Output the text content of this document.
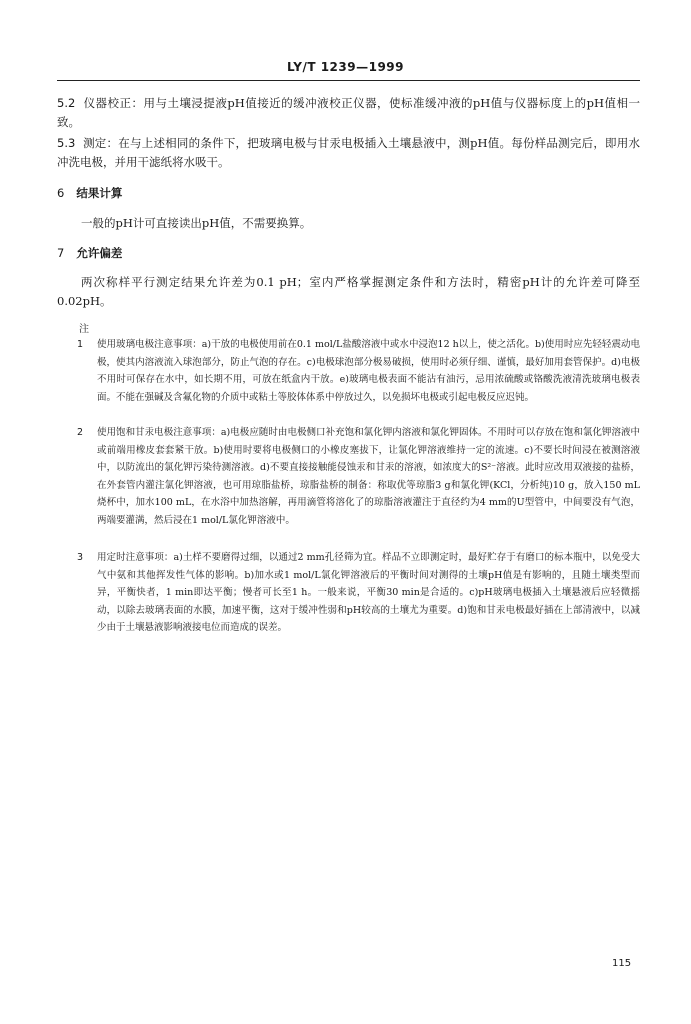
LY/T 1239—1999
5.2 仪器校正：用与土壤浸提液pH值接近的缓冲液校正仪器，使标准缓冲液的pH值与仪器标度上的pH值相一致。
5.3 测定：在与上述相同的条件下，把玻璃电极与甘汞电极插入土壤悬液中，测pH值。每份样品测完后，即用水冲洗电极，并用干滤纸将水吸干。
6 结果计算
一般的pH计可直接读出pH值，不需要换算。
7 允许偏差
两次称样平行测定结果允许差为0.1 pH；室内严格掌握测定条件和方法时，精密pH计的允许差可降至0.02pH。
注
1	使用玻璃电极注意事项：a)干放的电极使用前在0.1 mol/L盐酸溶液中或水中浸泡12 h以上，使之活化。b)使用时应先轻轻震动电极，使其内溶液流入球泡部分，防止气泡的存在。c)电极球泡部分极易破损，使用时必须仔细、谨慎，最好加用套管保护。d)电极不用时可保存在水中，如长期不用，可放在纸盒内干放。e)玻璃电极表面不能沾有油污，忌用浓硫酸或铬酸洗液清洗玻璃电极表面。不能在强碱及含氟化物的介质中或粘土等胶体体系中停放过久，以免损坏电极或引起电极反应迟钝。
2	使用饱和甘汞电极注意事项：a)电极应随时由电极侧口补充饱和氯化钾内溶液和氯化钾固体。不用时可以存放在饱和氯化钾溶液中或前端用橡皮套套紧干放。b)使用时要将电极侧口的小橡皮塞拔下，让氯化钾溶液维持一定的流速。c)不要长时间浸在被测溶液中，以防流出的氯化钾污染待测溶液。d)不要直接接触能侵蚀汞和甘汞的溶液，如浓度大的S²⁻溶液。此时应改用双液接的盐桥，在外套管内灌注氯化钾溶液，也可用琼脂盐桥，琼脂盐桥的制备：称取优等琼脂3 g和氯化钾(KCl，分析纯)10 g，放入150 mL烧杯中，加水100 mL，在水浴中加热溶解，再用滴管将溶化了的琼脂溶液灌注于直径约为4 mm的U型管中，中间要没有气泡，两端要灌满，然后浸在1 mol/L氯化钾溶液中。
3	用定时注意事项：a)土样不要磨得过细，以通过2 mm孔径筛为宜。样品不立即测定时，最好贮存于有磨口的标本瓶中，以免受大气中氨和其他挥发性气体的影响。b)加水或1 mol/L氯化钾溶液后的平衡时间对测得的土壤pH值是有影响的，且随土壤类型而异，平衡快者，1 min即达平衡；慢者可长至1 h。一般来说，平衡30 min是合适的。c)pH玻璃电极插入土壤悬液后应轻微摇动，以除去玻璃表面的水膜，加速平衡，这对于缓冲性弱和pH较高的土壤尤为重要。d)饱和甘汞电极最好插在上部清液中，以减少由于土壤悬液影响液接电位而造成的误差。
115
